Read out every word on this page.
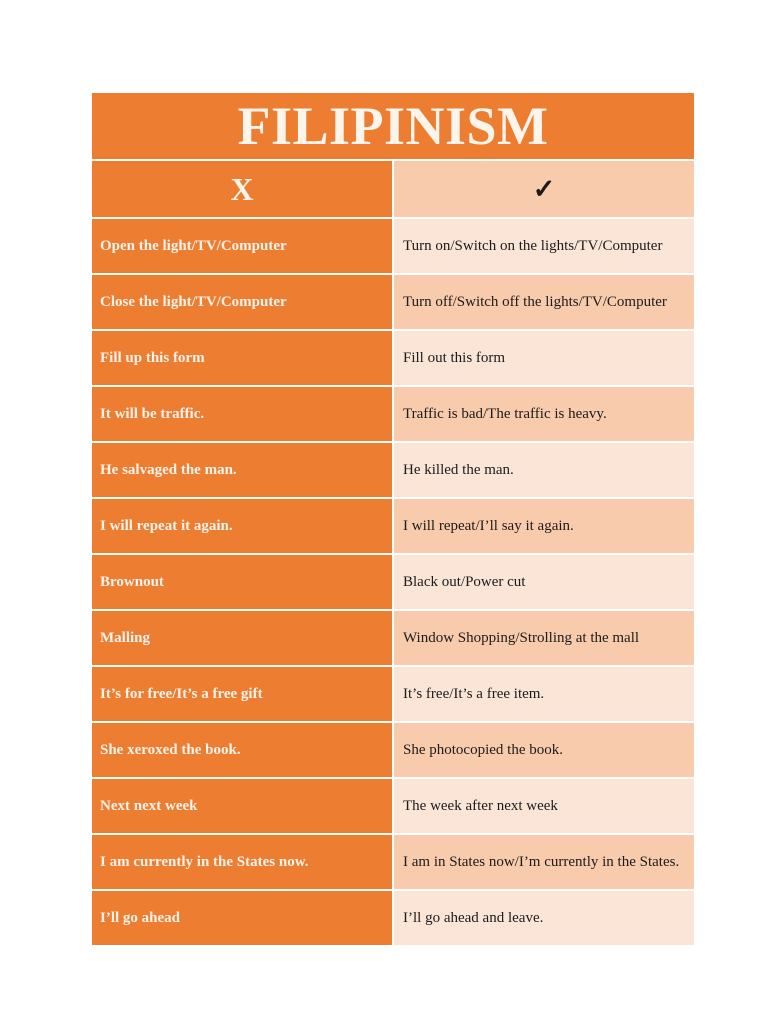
FILIPINISM	
X	✓
Open the light/TV/Computer	Turn on/Switch on the lights/TV/Computer
Close the light/TV/Computer	Turn off/Switch off the lights/TV/Computer
Fill up this form	Fill out this form
It will be traffic.	Traffic is bad/The traffic is heavy.
He salvaged the man.	He killed the man.
I will repeat it again.	I will repeat/I’ll say it again.
Brownout	Black out/Power cut
Malling	Window Shopping/Strolling at the mall
It’s for free/It’s a free gift	It’s free/It’s a free item.
She xeroxed the book.	She photocopied the book.
Next next week	The week after next week
I am currently in the States now.	I am in States now/I’m currently in the States.
I’ll go ahead	I’ll go ahead and leave.
